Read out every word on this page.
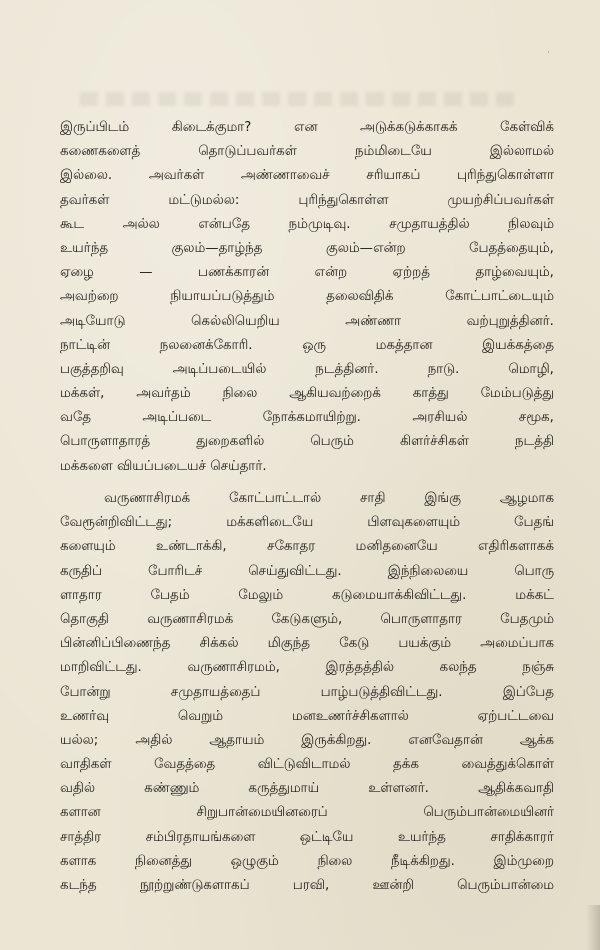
·
இருப்பிடம் கிடைக்குமா? என அடுக்கடுக்காகக் கேள்விக்
கணைகளைத் தொடுப்பவர்கள் நம்மிடையே இல்லாமல்
இல்லை. அவர்கள் அண்ணாவைச் சரியாகப் புரிந்துகொள்ளா
தவர்கள் மட்டுமல்ல: புரிந்துகொள்ள முயற்சிப்பவர்கள்
கூட அல்ல என்பதே நம்முடிவு. சமுதாயத்தில் நிலவும்
உயர்ந்த குலம்—தாழ்ந்த குலம்—என்ற பேதத்தையும்,
ஏழை — பணக்காரன் என்ற ஏற்றத் தாழ்வையும்,
அவற்றை நியாயப்படுத்தும் தலைவிதிக் கோட்பாட்டையும்
அடியோடு கெல்லியெறிய அண்ணா வற்புறுத்தினர்.
நாட்டின் நலனைக்கோரி. ஒரு மகத்தான இயக்கத்தை
பகுத்தறிவு அடிப்படையில் நடத்தினர். நாடு. மொழி,
மக்கள், அவர்தம் நிலை ஆகியவற்றைக் காத்து மேம்படுத்து
வதே அடிப்படை நோக்கமாயிற்று. அரசியல் சமூக,
பொருளாதாரத் துறைகளில் பெரும் கிளர்ச்சிகள் நடத்தி
மக்களை வியப்படையச் செய்தார்.
வருணாசிரமக் கோட்பாட்டால் சாதி இங்கு ஆழமாக
வேரூன்றிவிட்டது; மக்களிடையே பிளவுகளையும் பேதங்
களையும் உண்டாக்கி, சகோதர மனிதனையே எதிரிகளாகக்
கருதிப் போரிடச் செய்துவிட்டது. இந்நிலையை பொரு
ளாதார பேதம் மேலும் கடுமையாக்கிவிட்டது. மக்கட்
தொகுதி வருணாசிரமக் கேடுகளும், பொருளாதார பேதமும்
பின்னிப்பிணைந்த சிக்கல் மிகுந்த கேடு பயக்கும் அமைப்பாக
மாறிவிட்டது. வருணாசிரமம், இரத்தத்தில் கலந்த நஞ்சு
போன்று சமுதாயத்தைப் பாழ்படுத்திவிட்டது. இப்பேத
உணர்வு வெறும் மனஉணர்ச்சிகளால் ஏற்பட்டவை
யல்ல; அதில் ஆதாயம் இருக்கிறது. எனவேதான் ஆக்க
வாதிகள் வேதத்தை விட்டுவிடாமல் தக்க வைத்துக்கொள்
வதில் கண்ணும் கருத்துமாய் உள்ளனர். ஆதிக்கவாதி
களான சிறுபான்மையினரைப் பெரும்பான்மையினர்
சாத்திர சம்பிரதாயங்களை ஒட்டியே உயர்ந்த சாதிக்காரர்
களாக நினைத்து ஒழுகும் நிலை நீடிக்கிறது. இம்முறை
கடந்த நூற்றுண்டுகளாகப் பரவி, ஊன்றி பெரும்பான்மை
